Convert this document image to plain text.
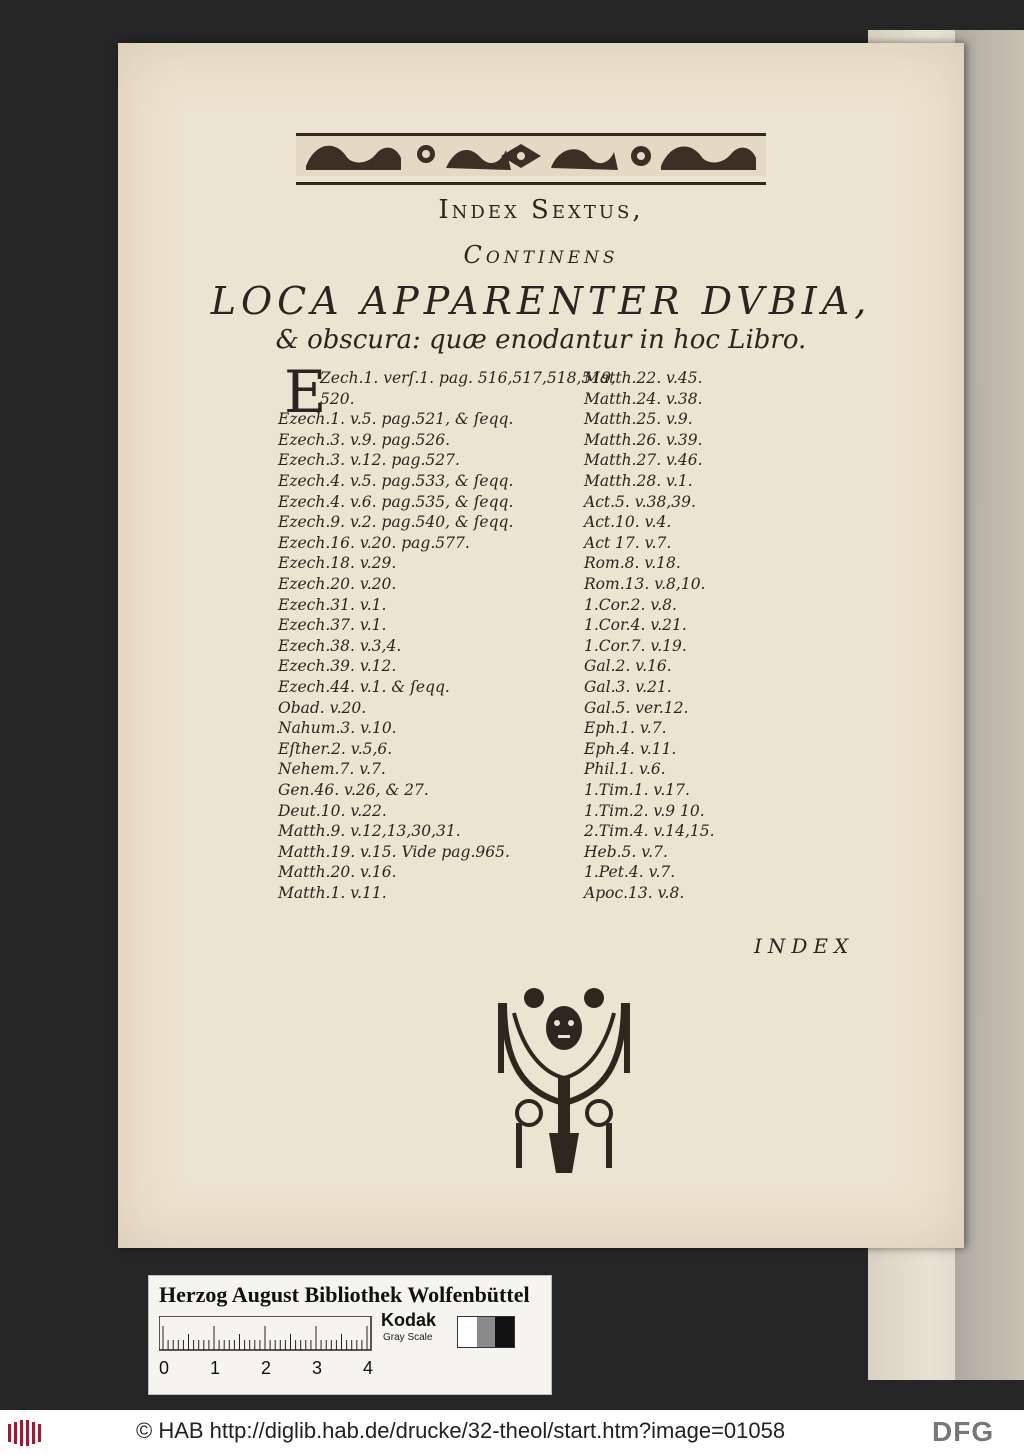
Index Sextus,
Continens
LOCA APPARENTER DVBIA,
& obscura: quæ enodantur in hoc Libro.
E
Zech.1. verſ.1. pag. 516,517,518,519,
520.
Ezech.1. v.5. pag.521, & ſeqq.
Ezech.3. v.9. pag.526.
Ezech.3. v.12. pag.527.
Ezech.4. v.5. pag.533, & ſeqq.
Ezech.4. v.6. pag.535, & ſeqq.
Ezech.9. v.2. pag.540, & ſeqq.
Ezech.16. v.20. pag.577.
Ezech.18. v.29.
Ezech.20. v.20.
Ezech.31. v.1.
Ezech.37. v.1.
Ezech.38. v.3,4.
Ezech.39. v.12.
Ezech.44. v.1. & ſeqq.
Obad. v.20.
Nahum.3. v.10.
Eſther.2. v.5,6.
Nehem.7. v.7.
Gen.46. v.26, & 27.
Deut.10. v.22.
Matth.9. v.12,13,30,31.
Matth.19. v.15. Vide pag.965.
Matth.20. v.16.
Matth.1. v.11.
Matth.22. v.45.
Matth.24. v.38.
Matth.25. v.9.
Matth.26. v.39.
Matth.27. v.46.
Matth.28. v.1.
Act.5. v.38,39.
Act.10. v.4.
Act 17. v.7.
Rom.8. v.18.
Rom.13. v.8,10.
1.Cor.2. v.8.
1.Cor.4. v.21.
1.Cor.7. v.19.
Gal.2. v.16.
Gal.3. v.21.
Gal.5. ver.12.
Eph.1. v.7.
Eph.4. v.11.
Phil.1. v.6.
1.Tim.1. v.17.
1.Tim.2. v.9 10.
2.Tim.4. v.14,15.
Heb.5. v.7.
1.Pet.4. v.7.
Apoc.13. v.8.
INDEX
Herzog August Bibliothek Wolfenbüttel
0 1 2 3 4
Kodak
Gray Scale
© HAB http://diglib.hab.de/drucke/32-theol/start.htm?image=01058	DFG
